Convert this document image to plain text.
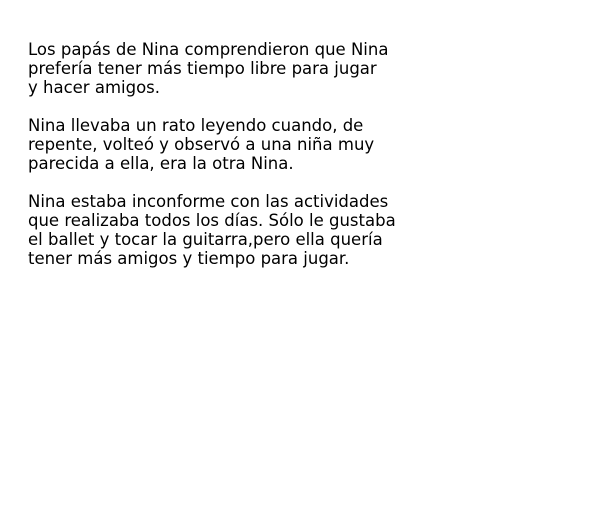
Los papás de Nina comprendieron que Nina
prefería tener más tiempo libre para jugar
y hacer amigos.

Nina llevaba un rato leyendo cuando, de
repente, volteó y observó a una niña muy
parecida a ella, era la otra Nina.

Nina estaba inconforme con las actividades
que realizaba todos los días. Sólo le gustaba
el ballet y tocar la guitarra,pero ella quería
tener más amigos y tiempo para jugar.
